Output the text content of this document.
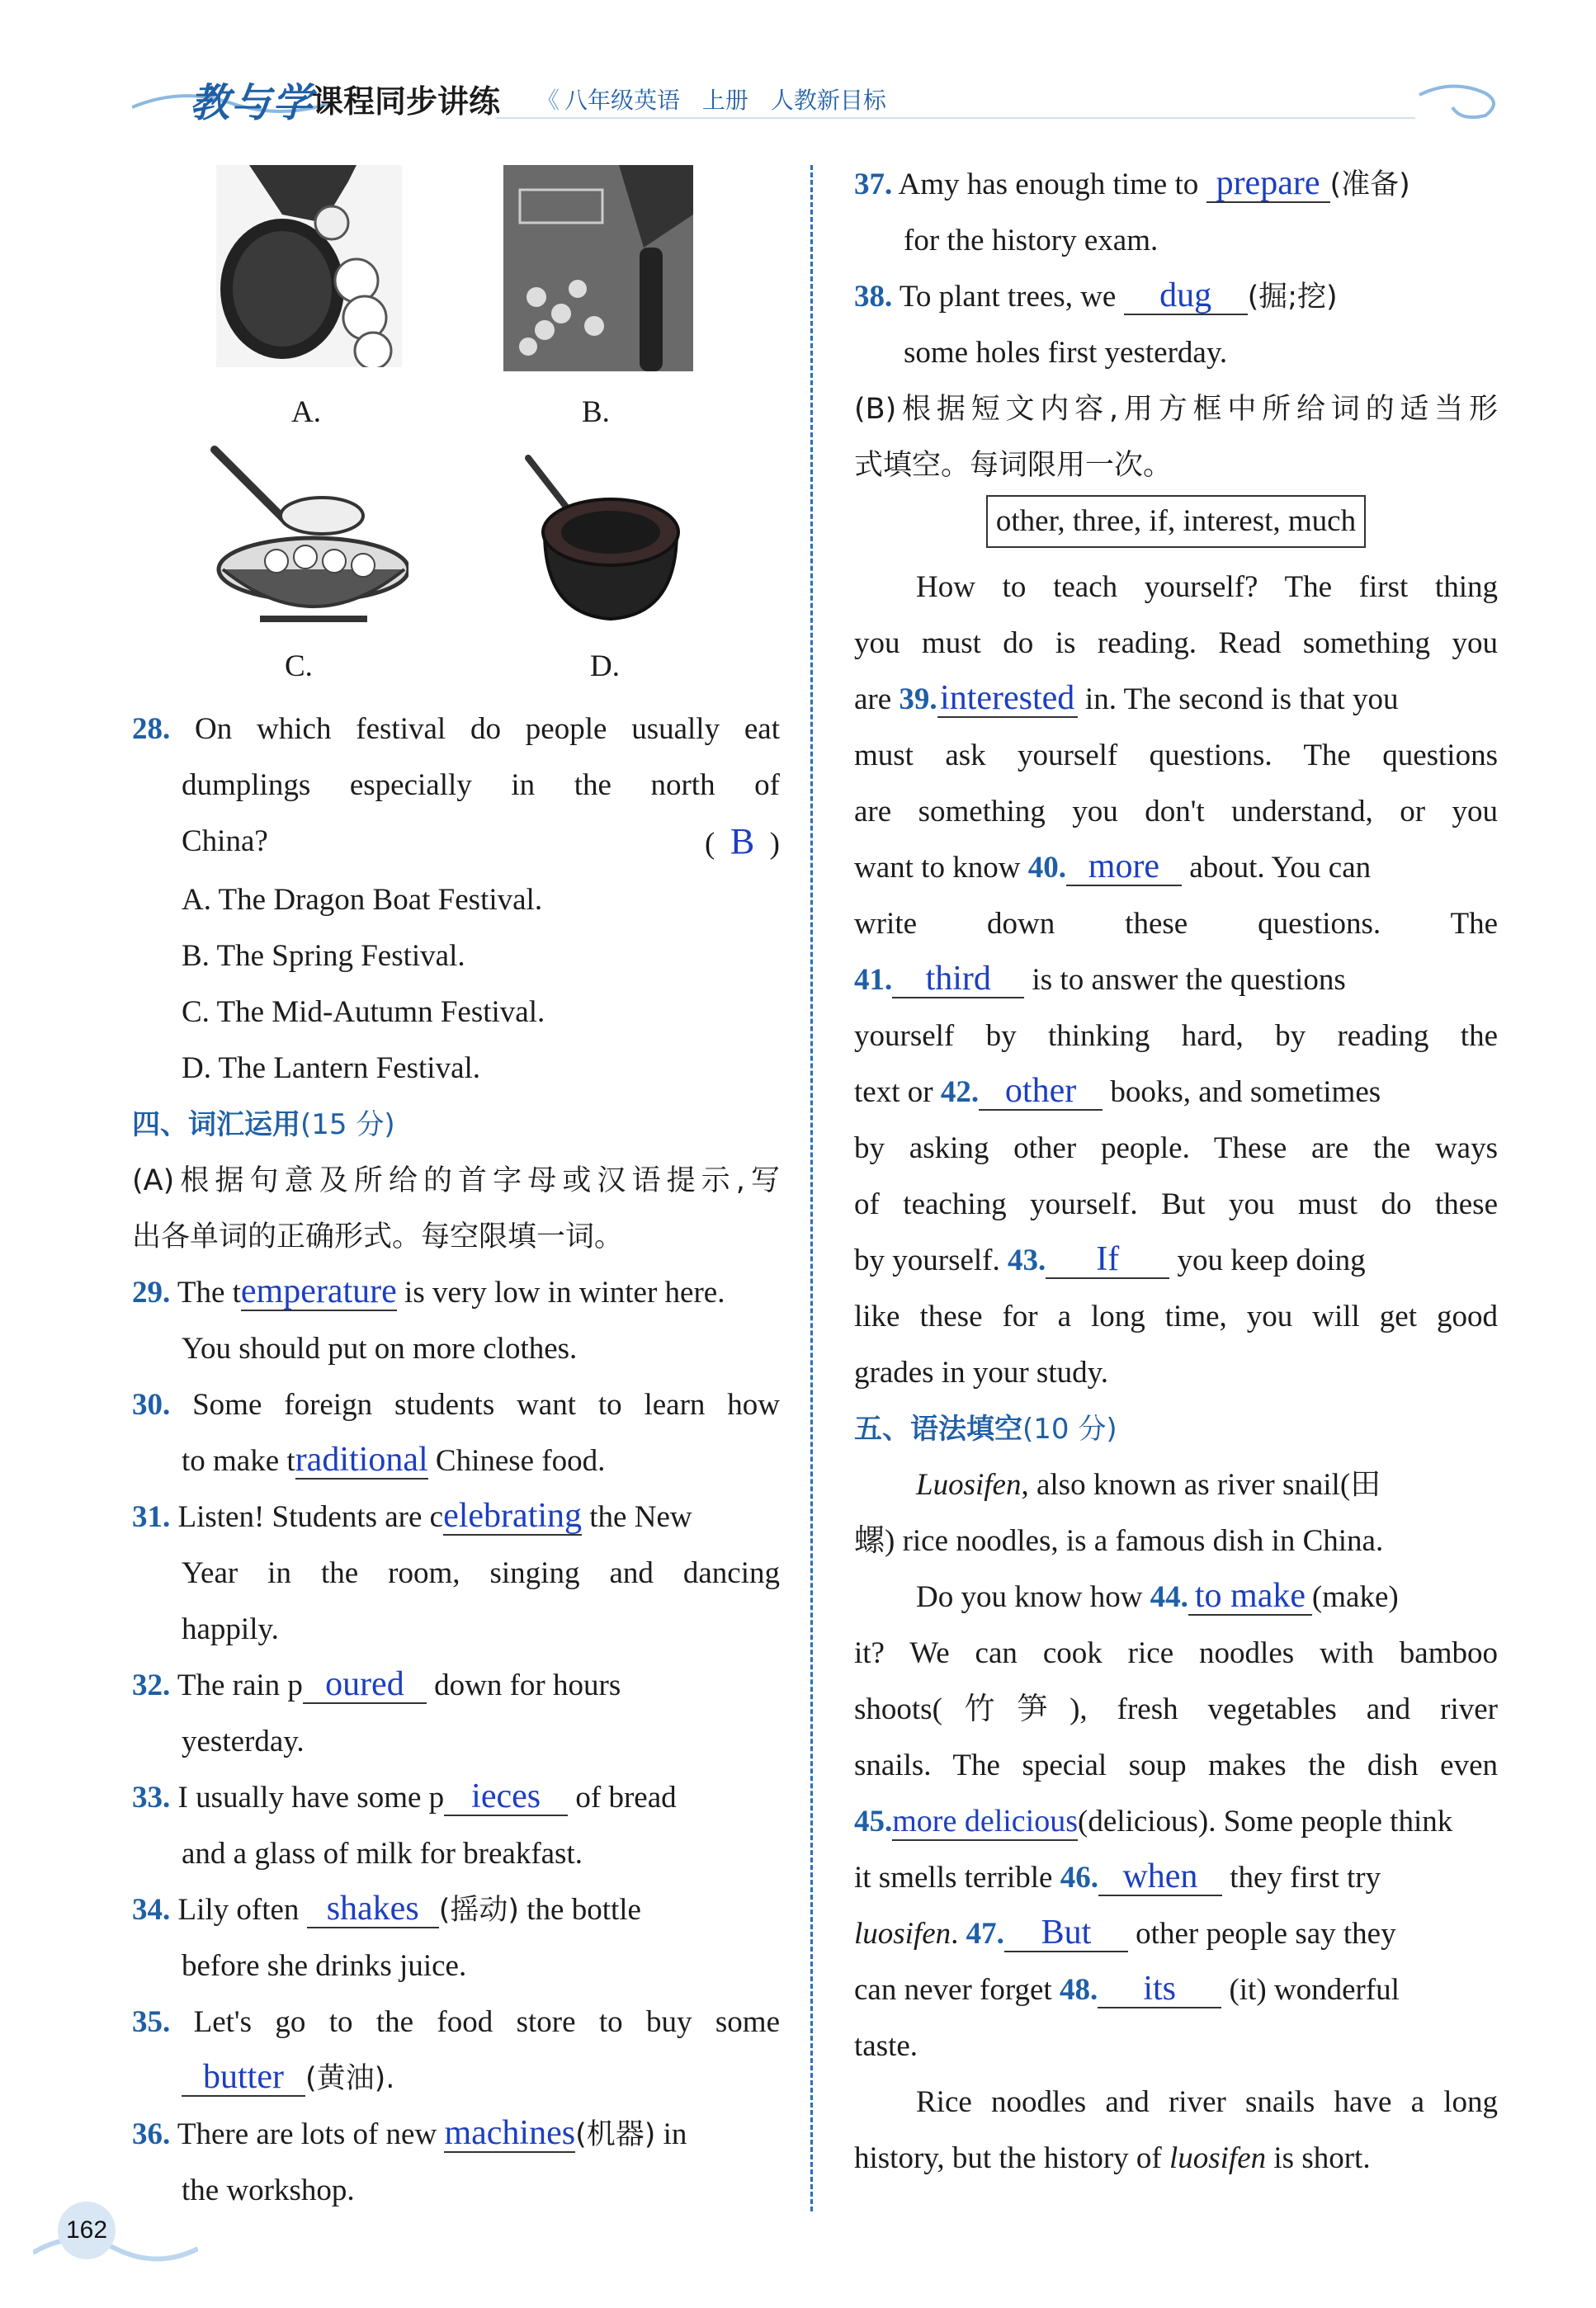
教与学
课程同步讲练 《 八年级英语 上册 人教新目标
A.	B.
C.	D.
28. On which festival do people usually eat
dumplings especially in the north of
China?	(  B  )
A. The Dragon Boat Festival.
B. The Spring Festival.
C. The Mid-Autumn Festival.
D. The Lantern Festival.
四、词汇运用(15 分)
(A)根据句意及所给的首字母或汉语提示,写
出各单词的正确形式。每空限填一词。
29. The temperature is very low in winter here.
You should put on more clothes.
30. Some foreign students want to learn how
to make traditional Chinese food.
31. Listen! Students are celebrating the New
Year in the room, singing and dancing
happily.
32. The rain p oured down for hours
yesterday.
33. I usually have some p ieces of bread
and a glass of milk for breakfast.
34. Lily often shakes (摇动) the bottle
before she drinks juice.
35. Let's go to the food store to buy some
butter (黄油).
36. There are lots of new machines(机器) in
the workshop.
37. Amy has enough time to prepare (准备)
for the history exam.
38. To plant trees, we dug (掘;挖)
some holes first yesterday.
(B)根据短文内容,用方框中所给词的适当形
式填空。每词限用一次。
other, three, if, interest, much
How to teach yourself? The first thing
you must do is reading. Read something you
are 39.interested in. The second is that you
must ask yourself questions. The questions
are something you don't understand, or you
want to know 40. more about. You can
write down these questions. The
41. third is to answer the questions
yourself by thinking hard, by reading the
text or 42. other books, and sometimes
by asking other people. These are the ways
of teaching yourself. But you must do these
by yourself. 43. If you keep doing
like these for a long time, you will get good
grades in your study.
五、语法填空(10 分)
Luosifen, also known as river snail(田
螺) rice noodles, is a famous dish in China.
Do you know how 44. to make (make)
it? We can cook rice noodles with bamboo
shoots(竹笋), fresh vegetables and river
snails. The special soup makes the dish even
45.more delicious(delicious). Some people think
it smells terrible 46. when they first try
luosifen. 47. But other people say they
can never forget 48. its (it) wonderful
taste.
Rice noodles and river snails have a long
history, but the history of luosifen is short.
162
